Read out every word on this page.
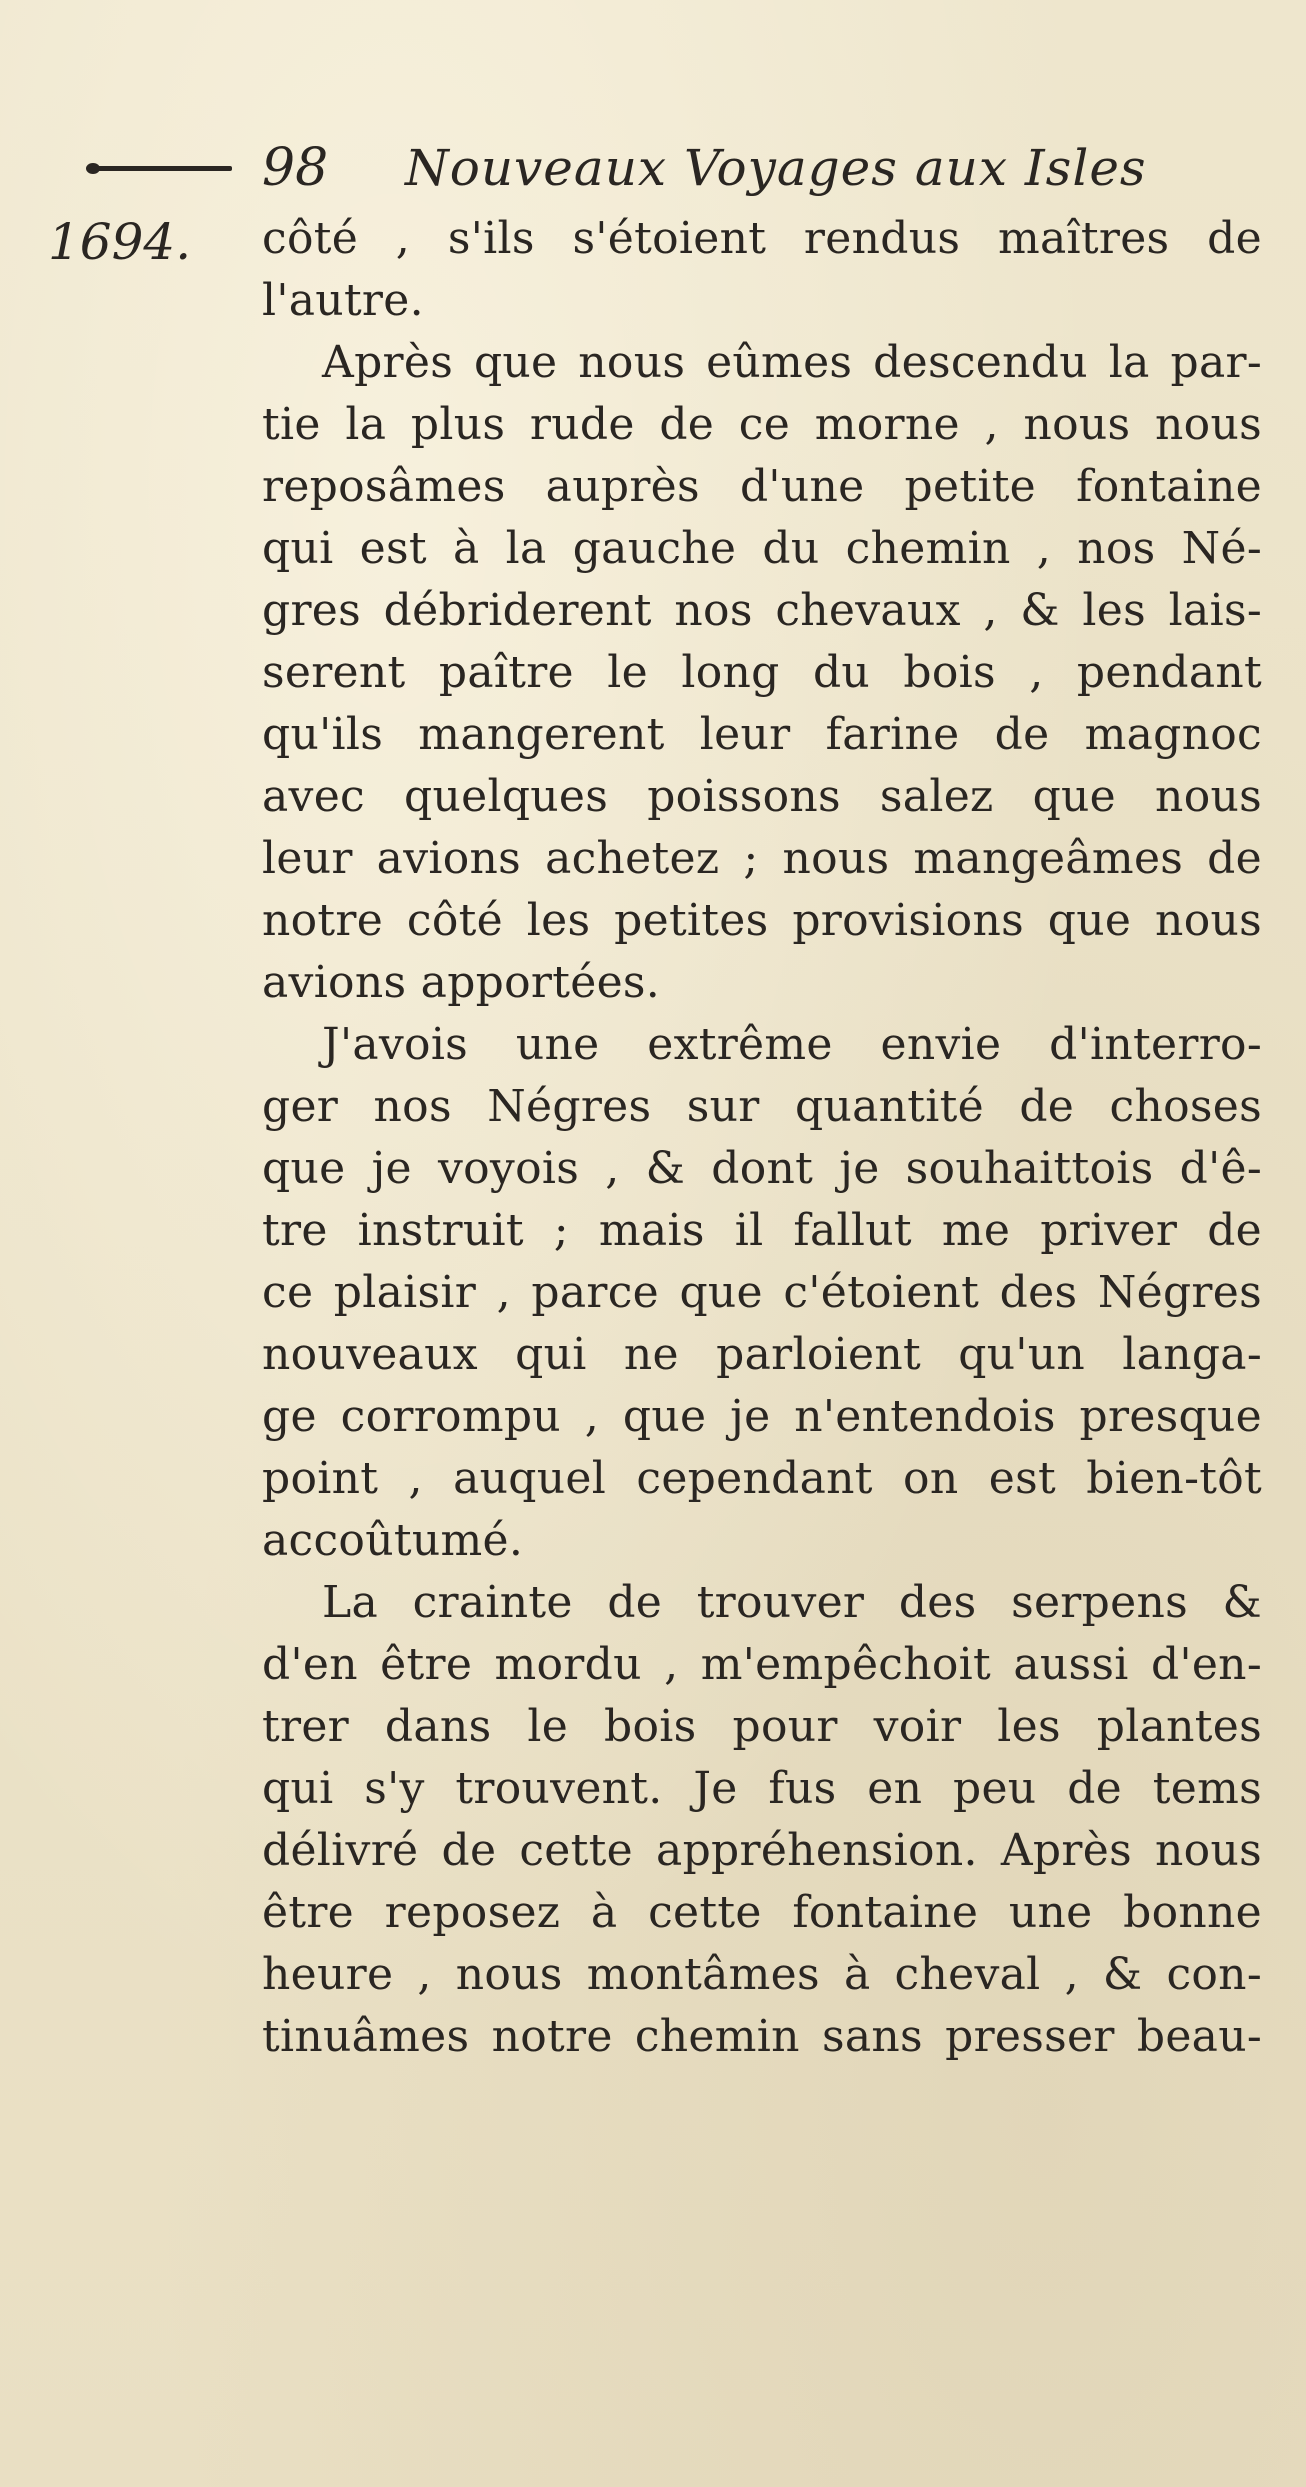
98 Nouveaux Voyages aux Isles
1694. côté , s'ils s'étoient rendus maîtres de
l'autre.
Après que nous eûmes descendu la par-
tie la plus rude de ce morne , nous nous
reposâmes auprès d'une petite fontaine
qui est à la gauche du chemin , nos Né-
gres débriderent nos chevaux , & les lais-
serent paître le long du bois , pendant
qu'ils mangerent leur farine de magnoc
avec quelques poissons salez que nous
leur avions achetez ; nous mangeâmes de
notre côté les petites provisions que nous
avions apportées.
J'avois une extrême envie d'interro-
ger nos Négres sur quantité de choses
que je voyois , & dont je souhaittois d'ê-
tre instruit ; mais il fallut me priver de
ce plaisir , parce que c'étoient des Négres
nouveaux qui ne parloient qu'un langa-
ge corrompu , que je n'entendois presque
point , auquel cependant on est bien-tôt
accoûtumé.
La crainte de trouver des serpens &
d'en être mordu , m'empêchoit aussi d'en-
trer dans le bois pour voir les plantes
qui s'y trouvent. Je fus en peu de tems
délivré de cette appréhension. Après nous
être reposez à cette fontaine une bonne
heure , nous montâmes à cheval , & con-
tinuâmes notre chemin sans presser beau-
